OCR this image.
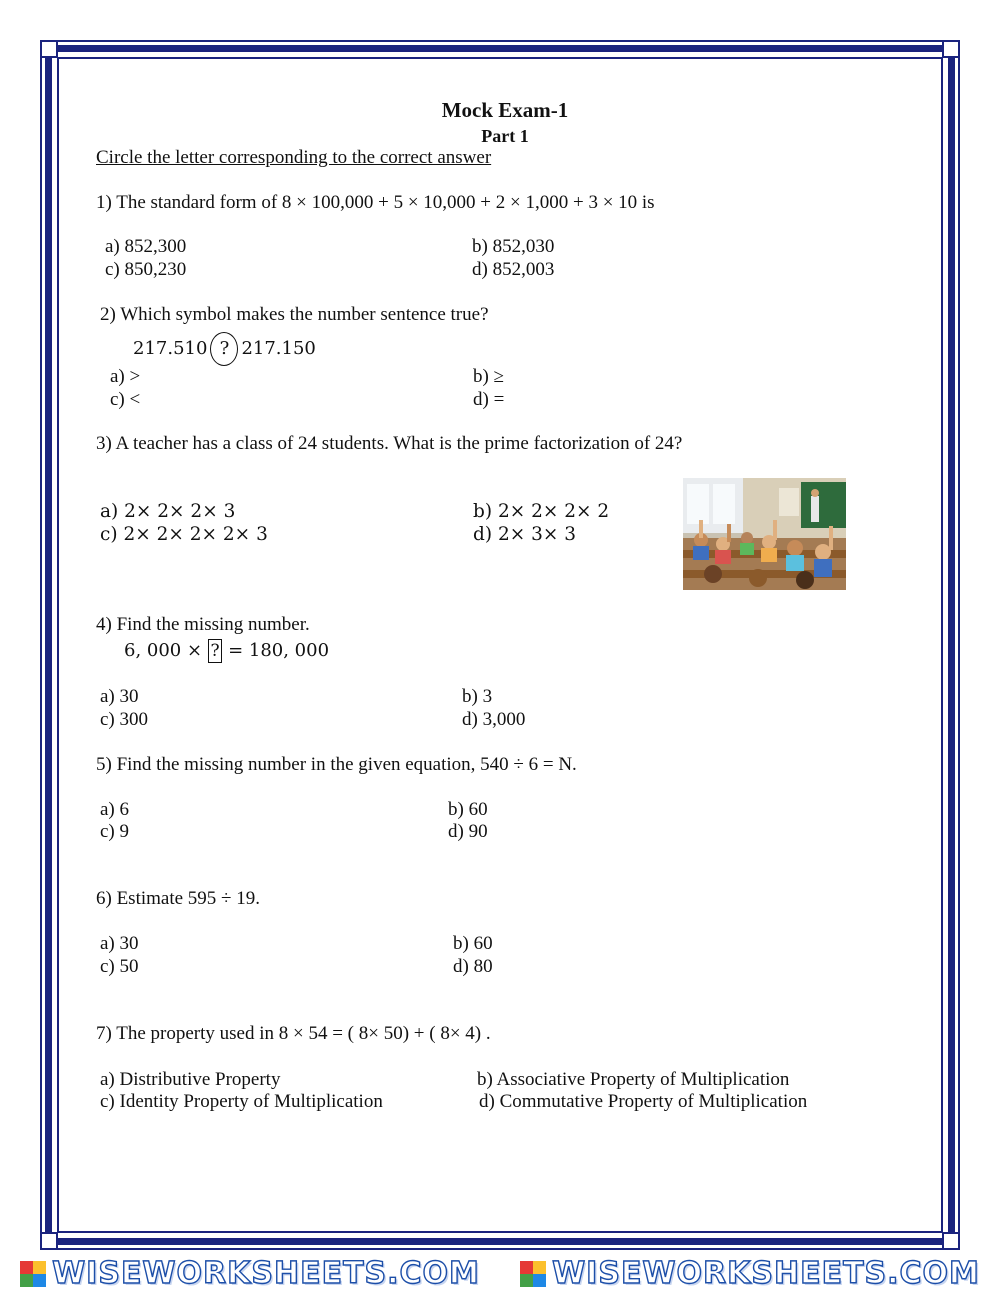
Mock Exam-1
Part 1
Circle the letter corresponding to the correct answer
1) The standard form of 8 × 100,000 + 5 × 10,000 + 2 × 1,000 + 3 × 10 is
a) 852,300	b) 852,030
c) 850,230	d) 852,003
2) Which symbol makes the number sentence true?
217.510 ? 217.150
a) >	b) ≥
c) <	d) =
3) A teacher has a class of 24 students. What is the prime factorization of 24?
a) 2× 2× 2× 3	b) 2× 2× 2× 2
c) 2× 2× 2× 2× 3	d) 2× 3× 3
4) Find the missing number.
6, 000 × ? = 180, 000
a) 30	b) 3
c) 300	d) 3,000
5) Find the missing number in the given equation, 540 ÷ 6 = N.
a) 6	b) 60
c) 9	d) 90
6) Estimate 595 ÷ 19.
a) 30	b) 60
c) 50	d) 80
7) The property used in 8 × 54 = ( 8× 50) + ( 8× 4) .
a) Distributive Property	b) Associative Property of Multiplication
c) Identity Property of Multiplication	d) Commutative Property of Multiplication
WISEWORKSHEETS.COM WISEWORKSHEETS.COM
